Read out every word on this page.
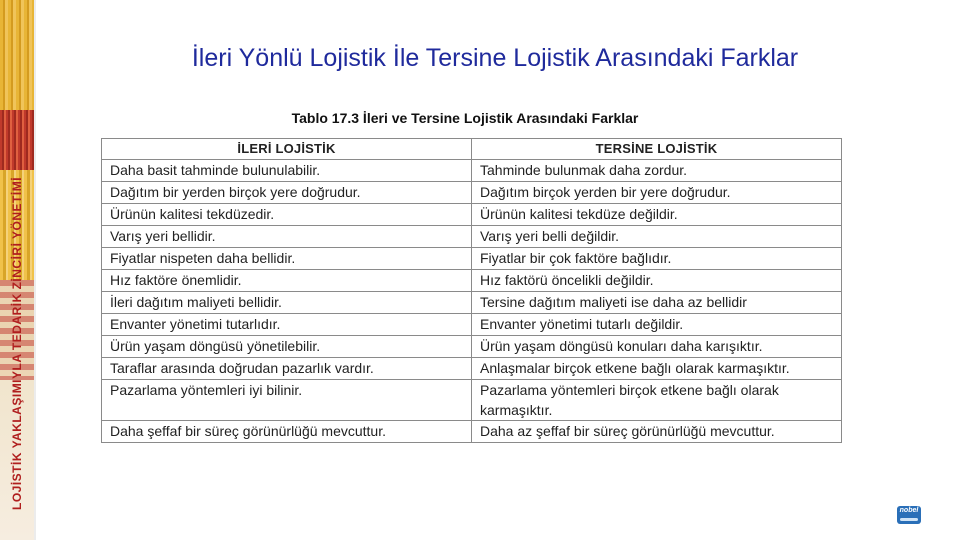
LOJİSTİK YAKLAŞIMIYLA TEDARİK ZİNCİRİ YÖNETİMİ
İleri Yönlü Lojistik İle Tersine Lojistik Arasındaki Farklar
Tablo 17.3 İleri ve Tersine Lojistik Arasındaki Farklar
İLERİ LOJİSTİK	TERSİNE LOJİSTİK
Daha basit tahminde bulunulabilir.	Tahminde bulunmak daha zordur.
Dağıtım bir yerden birçok yere doğrudur.	Dağıtım birçok yerden bir yere doğrudur.
Ürünün kalitesi tekdüzedir.	Ürünün kalitesi tekdüze değildir.
Varış yeri bellidir.	Varış yeri belli değildir.
Fiyatlar nispeten daha bellidir.	Fiyatlar bir çok faktöre bağlıdır.
Hız faktöre önemlidir.	Hız faktörü öncelikli değildir.
İleri dağıtım maliyeti bellidir.	Tersine dağıtım maliyeti ise daha az bellidir
Envanter yönetimi tutarlıdır.	Envanter yönetimi tutarlı değildir.
Ürün yaşam döngüsü yönetilebilir.	Ürün yaşam döngüsü konuları daha karışıktır.
Taraflar arasında doğrudan pazarlık vardır.	Anlaşmalar birçok etkene bağlı olarak karmaşıktır.
Pazarlama yöntemleri iyi bilinir.	Pazarlama yöntemleri birçok etkene bağlı olarak karmaşıktır.
Daha şeffaf bir süreç görünürlüğü mevcuttur.	Daha az şeffaf bir süreç görünürlüğü mevcuttur.
nobel
